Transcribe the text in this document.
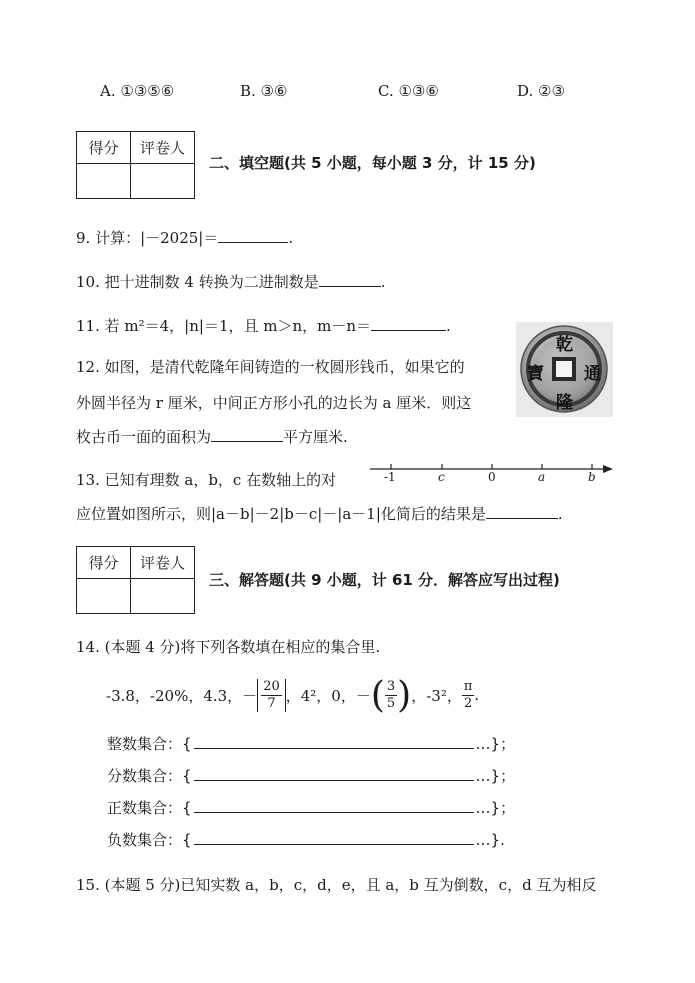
A. ①③⑤⑥	B. ③⑥	C. ①③⑥	D. ②③
得分	评卷人

二、填空题(共 5 小题，每小题 3 分，计 15 分)
9. 计算：|－2025|＝	.
10. 把十进制数 4 转换为二进制数是	.
11. 若 m²＝4，|n|＝1，且 m＞n，m－n＝	.
12. 如图，是清代乾隆年间铸造的一枚圆形钱币，如果它的
外圆半径为 r 厘米，中间正方形小孔的边长为 a 厘米．则这
枚古币一面的面积为	平方厘米.
乾
隆
通
寶
13. 已知有理数 a，b，c 在数轴上的对
应位置如图所示，则|a－b|－2|b－c|－|a－1|化简后的结果是	.
-1	c	0	a	b
得分	评卷人

三、解答题(共 9 小题，计 61 分．解答应写出过程)
14. (本题 4 分)将下列各数填在相应的集合里.
-3.8，-20%，4.3，－ $\frac{20}{7}$ ，4²，0，－ ( $\frac{3}{5}$ ) ，-3²， $\frac{\pi}{2}$ .
整数集合：{	…}；
分数集合：{	…}；
正数集合：{	…}；
负数集合：{	…}.
15. (本题 5 分)已知实数 a，b，c，d，e，且 a，b 互为倒数，c，d 互为相反
